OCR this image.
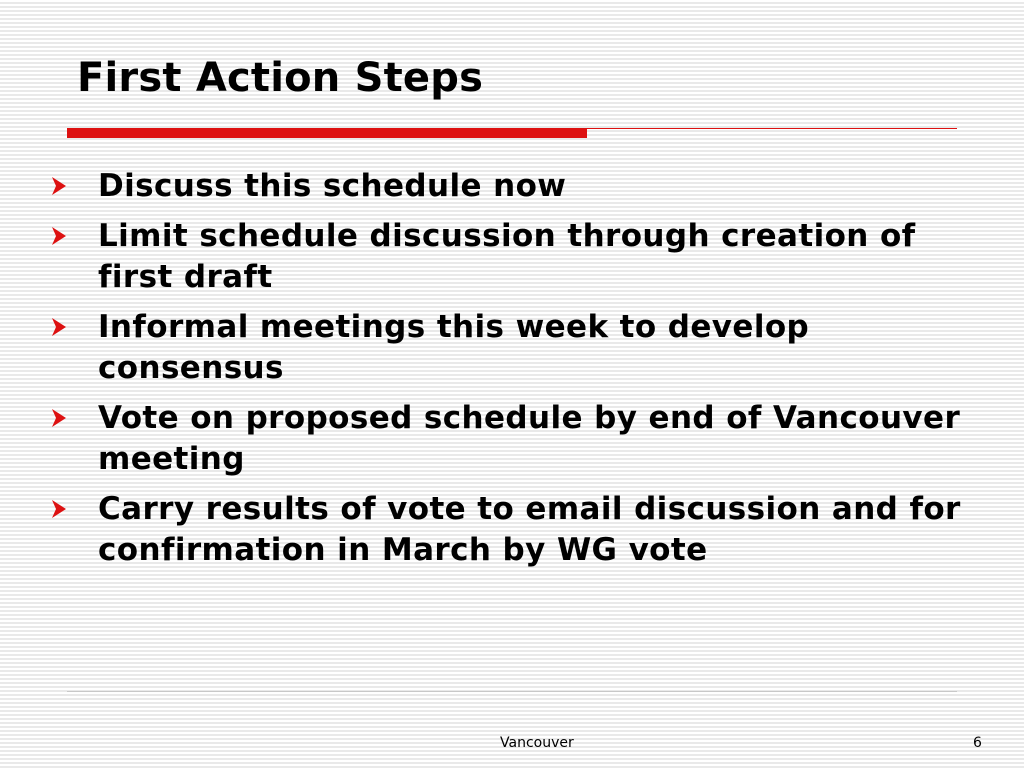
First Action Steps
Discuss this schedule now
Limit schedule discussion through creation of first draft
Informal meetings this week to develop consensus
Vote on proposed schedule by end of Vancouver meeting
Carry results of vote to email discussion and for confirmation in March by WG vote
Vancouver	6
